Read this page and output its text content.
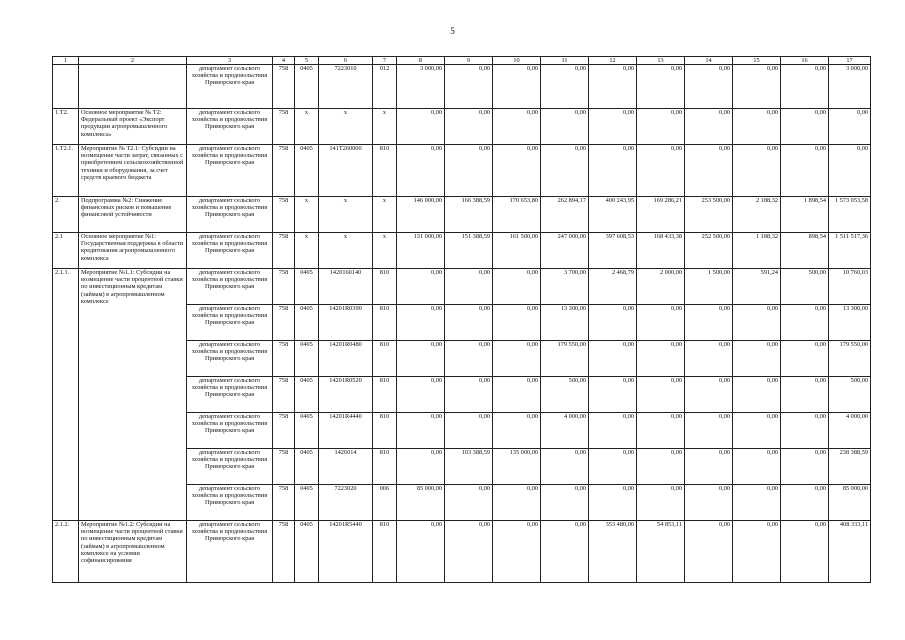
5
1	2	3	4	5	6	7	8	9	10	11	12	13	14	15	16	17
		департамент сельского хозяйства и продовольствия Приморского края	758	0405	7223010	012	3 000,00	0,00	0,00	0,00	0,00	0,00	0,00	0,00	0,00	3 000,00
1.Т2.	Основное мероприятие № Т2: Федеральный проект «Экспорт продукции агропромышленного комплекса»	департамент сельского хозяйства и продовольствия Приморского края	758	х	х	х	0,00	0,00	0,00	0,00	0,00	0,00	0,00	0,00	0,00	0,00
1.Т2.1.	Мероприятие № Т2.1: Субсидии на возмещение части затрат, связанных с приобретением сельскохозяйственной техники и оборудования, за счет средств краевого бюджета	департамент сельского хозяйства и продовольствия Приморского края	758	0405	141Т260000	810	0,00	0,00	0,00	0,00	0,00	0,00	0,00	0,00	0,00	0,00
2.	Подпрограмма №2: Снижение финансовых рисков и повышение финансовой устойчивости	департамент сельского хозяйства и продовольствия Приморского края	758	х	х	х	146 000,00	166 388,59	170 653,80	262 894,17	400 243,95	169 286,21	253 500,00	2 188,32	1 898,54	1 573 053,58
2.1	Основное мероприятие №1: Государственная поддержка в области кредитования агропромышленного комплекса	департамент сельского хозяйства и продовольствия Приморского края	758	х	х	х	131 000,00	151 388,59	161 500,00	247 000,00	397 608,53	168 433,38	252 500,00	1 188,32	898,54	1 511 517,36
2.1.1.	Мероприятие №1.1: Субсидии на возмещение части процентной ставки по инвестиционным кредитам (займам) в агропромышленном комплексе	департамент сельского хозяйства и продовольствия Приморского края	758	0405	1420160140	810	0,00	0,00	0,00	3 700,00	2 468,79	2 000,00	1 500,00	591,24	500,00	10 760,03
		департамент сельского хозяйства и продовольствия Приморского края	758	0405	14201R0390	810	0,00	0,00	0,00	13 300,00	0,00	0,00	0,00	0,00	0,00	13 300,00
		департамент сельского хозяйства и продовольствия Приморского края	758	0405	14201R0480	810	0,00	0,00	0,00	179 550,00	0,00	0,00	0,00	0,00	0,00	179 550,00
		департамент сельского хозяйства и продовольствия Приморского края	758	0405	14201R0520	810	0,00	0,00	0,00	500,00	0,00	0,00	0,00	0,00	0,00	500,00
		департамент сельского хозяйства и продовольствия Приморского края	758	0405	14201R4440	810	0,00	0,00	0,00	4 000,00	0,00	0,00	0,00	0,00	0,00	4 000,00
		департамент сельского хозяйства и продовольствия Приморского края	758	0405	1426014	810	0,00	103 388,59	135 000,00	0,00	0,00	0,00	0,00	0,00	0,00	238 388,59
		департамент сельского хозяйства и продовольствия Приморского края	758	0405	7223020	006	85 000,00	0,00	0,00	0,00	0,00	0,00	0,00	0,00	0,00	85 000,00
2.1.2.	Мероприятие №1.2: Субсидии на возмещение части процентной ставки по инвестиционным кредитам (займам) в агропромышленном комплексе на условии софинансирования	департамент сельского хозяйства и продовольствия Приморского края	758	0405	14201R5440	810	0,00	0,00	0,00	0,00	353 480,00	54 853,11	0,00	0,00	0,00	408 333,11
